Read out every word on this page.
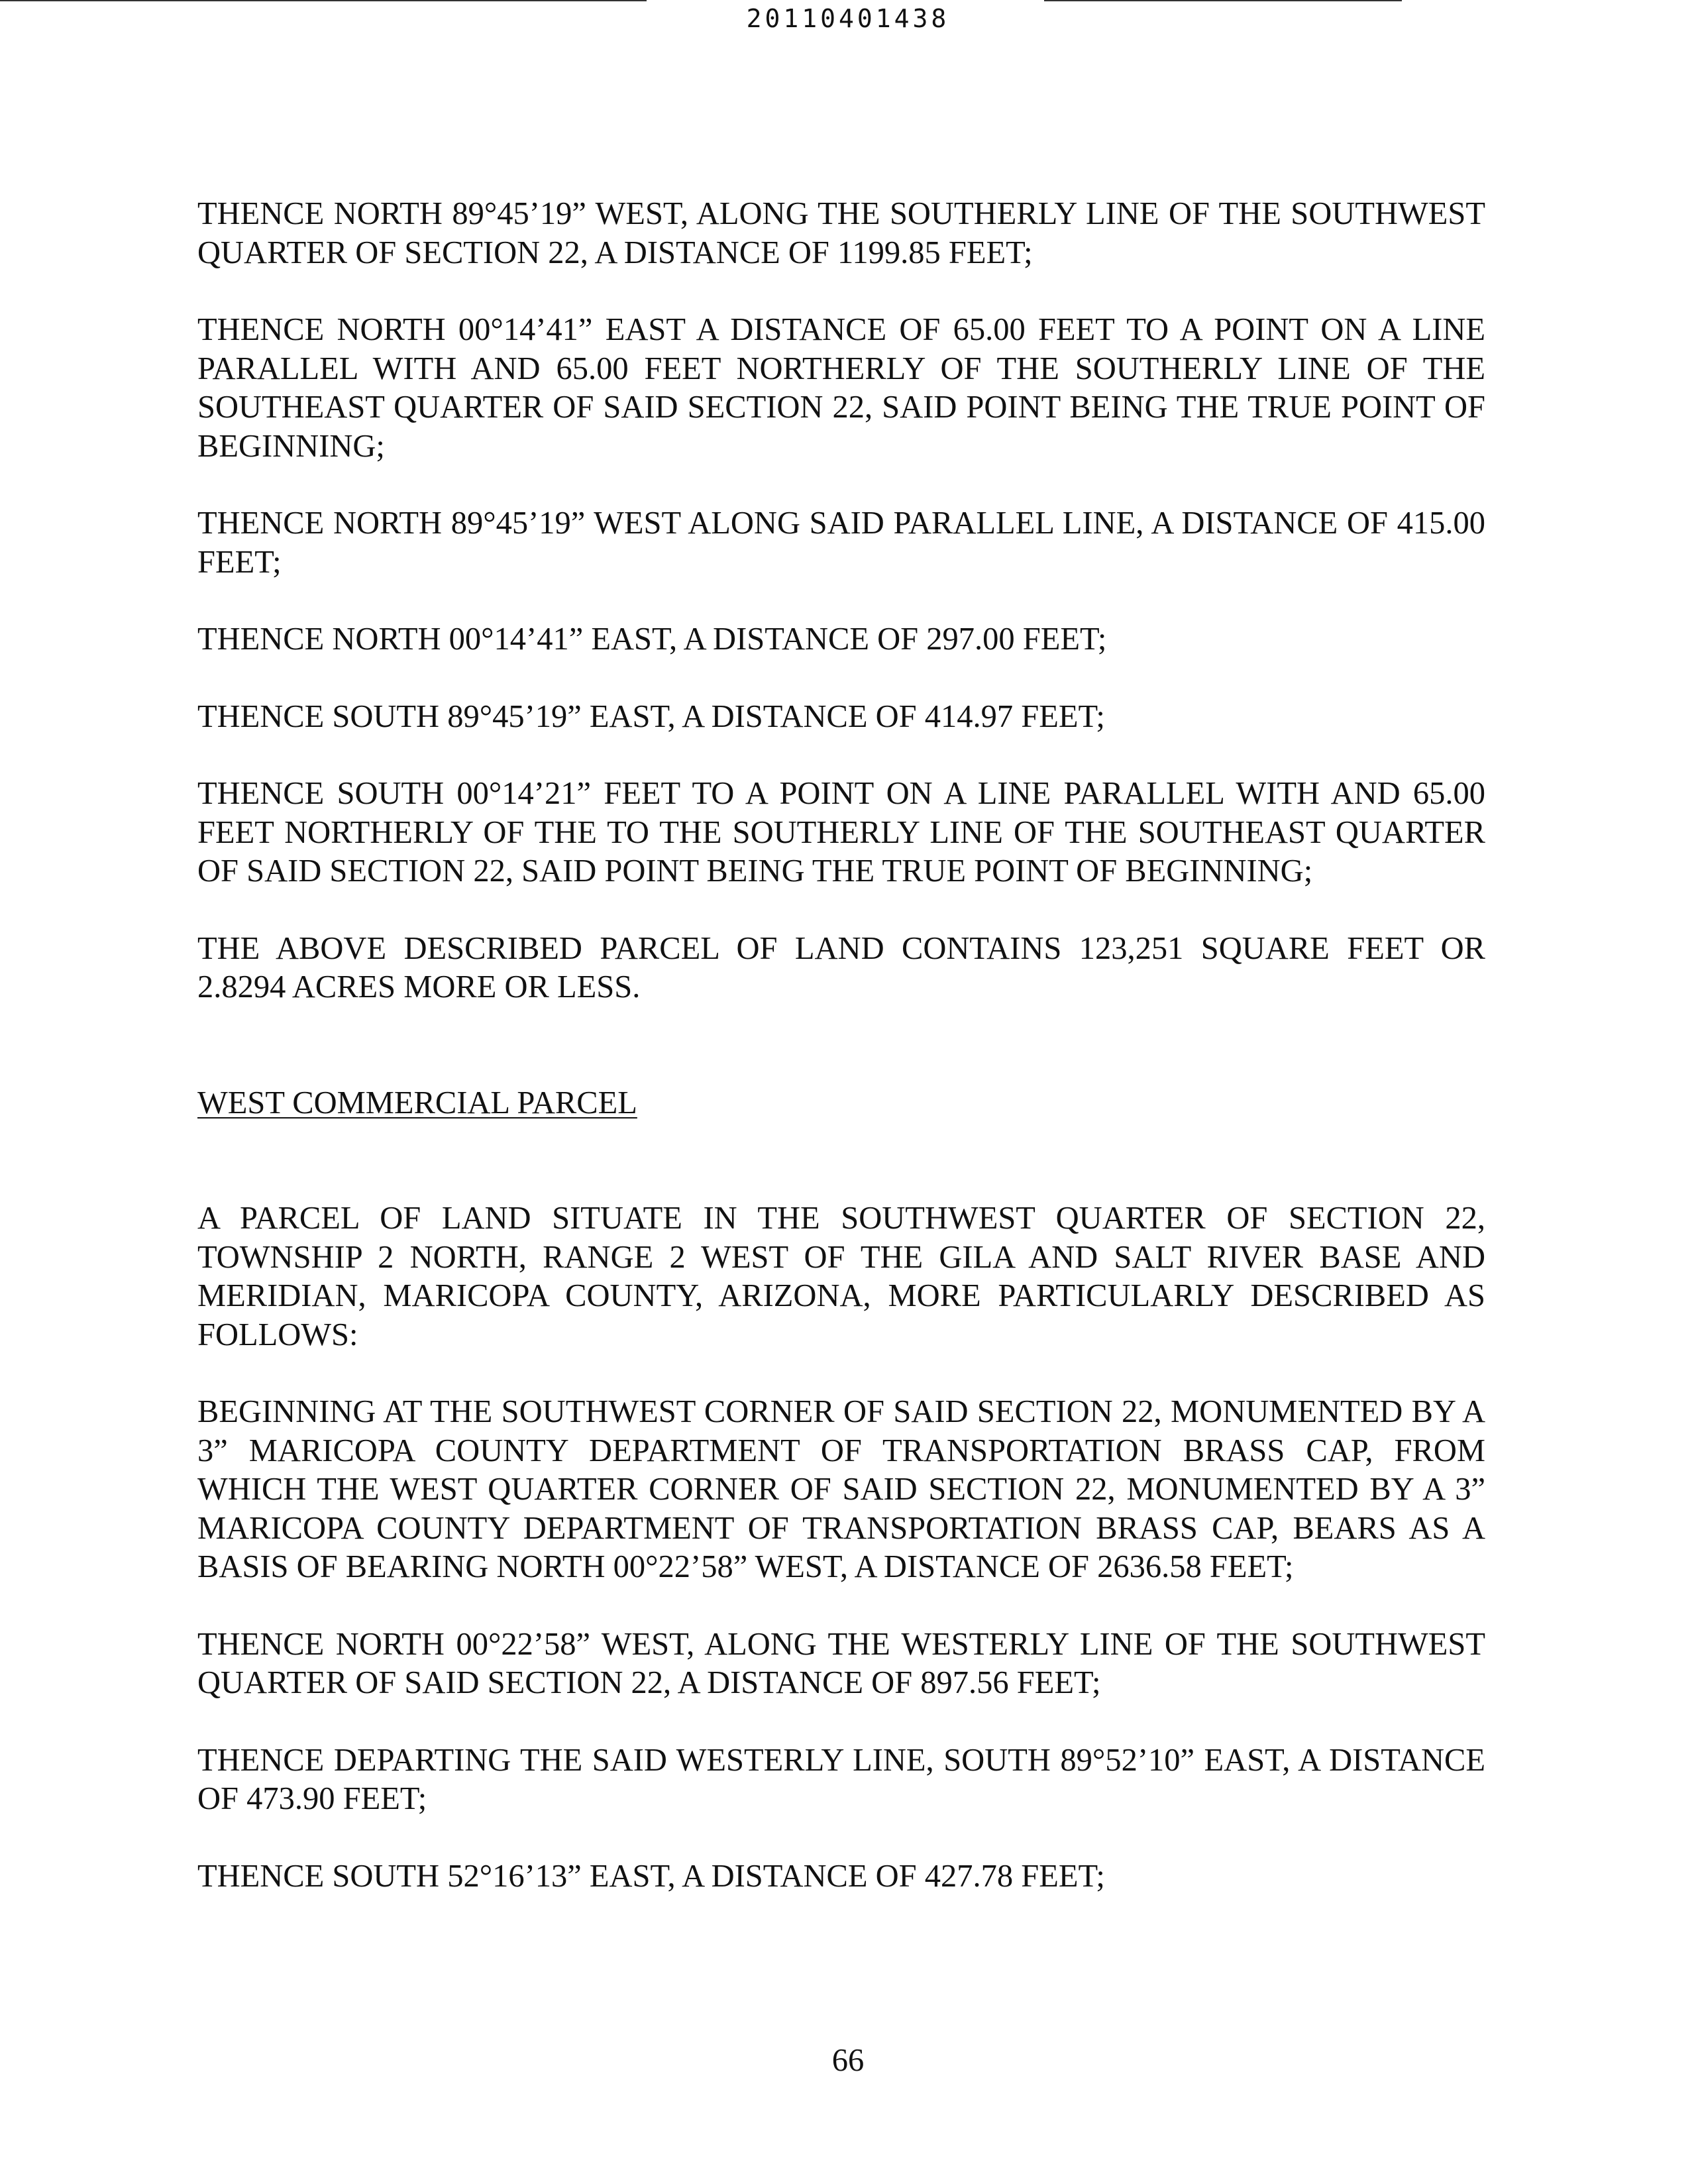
20110401438

THENCE NORTH 89°45’19” WEST, ALONG THE SOUTHERLY LINE OF THE SOUTHWEST QUARTER OF SECTION 22, A DISTANCE OF 1199.85 FEET;

THENCE NORTH 00°14’41” EAST A DISTANCE OF 65.00 FEET TO A POINT ON A LINE PARALLEL WITH AND 65.00 FEET NORTHERLY OF THE SOUTHERLY LINE OF THE SOUTHEAST QUARTER OF SAID SECTION 22, SAID POINT BEING THE TRUE POINT OF BEGINNING;

THENCE NORTH 89°45’19” WEST ALONG SAID PARALLEL LINE, A DISTANCE OF 415.00 FEET;

THENCE NORTH 00°14’41” EAST, A DISTANCE OF 297.00 FEET;

THENCE SOUTH 89°45’19” EAST, A DISTANCE OF 414.97 FEET;

THENCE SOUTH 00°14’21” FEET TO A POINT ON A LINE PARALLEL WITH AND 65.00 FEET NORTHERLY OF THE TO THE SOUTHERLY LINE OF THE SOUTHEAST QUARTER OF SAID SECTION 22, SAID POINT BEING THE TRUE POINT OF BEGINNING;

THE ABOVE DESCRIBED PARCEL OF LAND CONTAINS 123,251 SQUARE FEET OR 2.8294 ACRES MORE OR LESS.

WEST COMMERCIAL PARCEL

A PARCEL OF LAND SITUATE IN THE SOUTHWEST QUARTER OF SECTION 22, TOWNSHIP 2 NORTH, RANGE 2 WEST OF THE GILA AND SALT RIVER BASE AND MERIDIAN, MARICOPA COUNTY, ARIZONA, MORE PARTICULARLY DESCRIBED AS FOLLOWS:

BEGINNING AT THE SOUTHWEST CORNER OF SAID SECTION 22, MONUMENTED BY A 3” MARICOPA COUNTY DEPARTMENT OF TRANSPORTATION BRASS CAP, FROM WHICH THE WEST QUARTER CORNER OF SAID SECTION 22, MONUMENTED BY A 3” MARICOPA COUNTY DEPARTMENT OF TRANSPORTATION BRASS CAP, BEARS AS A BASIS OF BEARING NORTH 00°22’58” WEST, A DISTANCE OF 2636.58 FEET;

THENCE NORTH 00°22’58” WEST, ALONG THE WESTERLY LINE OF THE SOUTHWEST QUARTER OF SAID SECTION 22, A DISTANCE OF 897.56 FEET;

THENCE DEPARTING THE SAID WESTERLY LINE, SOUTH 89°52’10” EAST, A DISTANCE OF 473.90 FEET;

THENCE SOUTH 52°16’13” EAST, A DISTANCE OF 427.78 FEET;

66
